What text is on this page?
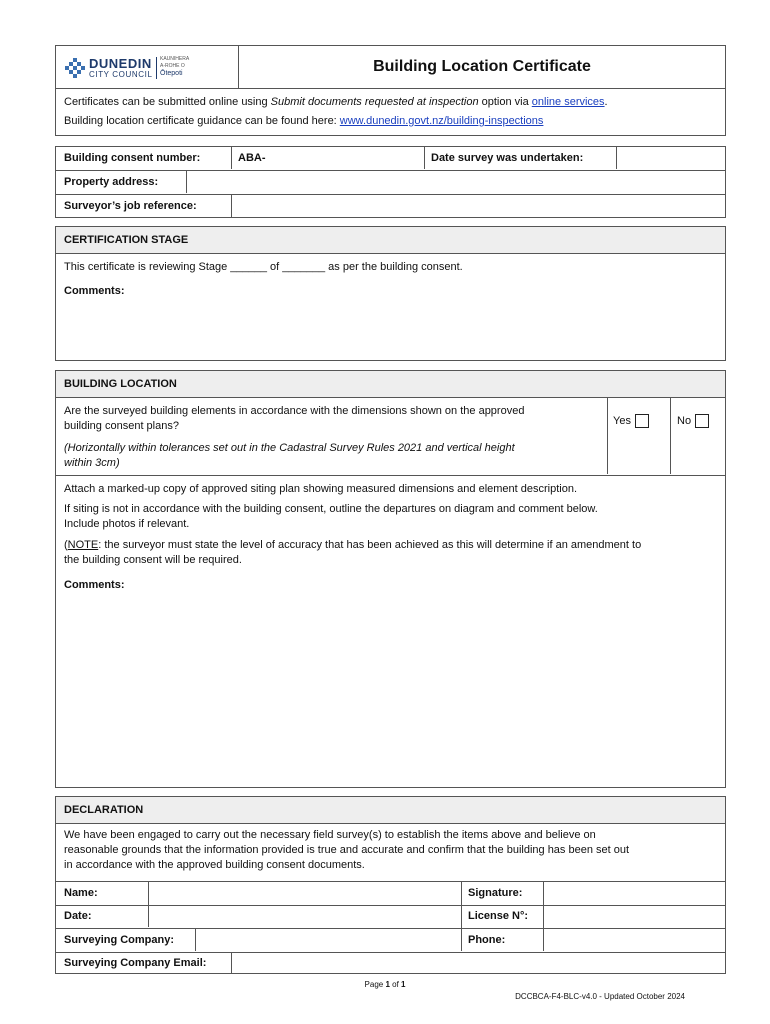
DUNEDIN
CITY COUNCIL
KAUNIHERA
A-ROHE O
Ōtepoti	Building Location Certificate
Certificates can be submitted online using Submit documents requested at inspection option via online services.
Building location certificate guidance can be found here: www.dunedin.govt.nz/building-inspections
Building consent number:	ABA-	Date survey was undertaken:
Property address:
Surveyor’s job reference:
CERTIFICATION STAGE
This certificate is reviewing Stage ______ of _______ as per the building consent.
Comments:
BUILDING LOCATION
Are the surveyed building elements in accordance with the dimensions shown on the approved
building consent plans?
(Horizontally within tolerances set out in the Cadastral Survey Rules 2021 and vertical height
within 3cm)
Yes	No
Attach a marked-up copy of approved siting plan showing measured dimensions and element description.
If siting is not in accordance with the building consent, outline the departures on diagram and comment below.
Include photos if relevant.
(NOTE: the surveyor must state the level of accuracy that has been achieved as this will determine if an amendment to
the building consent will be required.
Comments:
DECLARATION
We have been engaged to carry out the necessary field survey(s) to establish the items above and believe on
reasonable grounds that the information provided is true and accurate and confirm that the building has been set out
in accordance with the approved building consent documents.
Name:	Signature:
Date:	License N°:
Surveying Company:	Phone:
Surveying Company Email:
Page 1 of 1
DCCBCA-F4-BLC-v4.0 - Updated October 2024
